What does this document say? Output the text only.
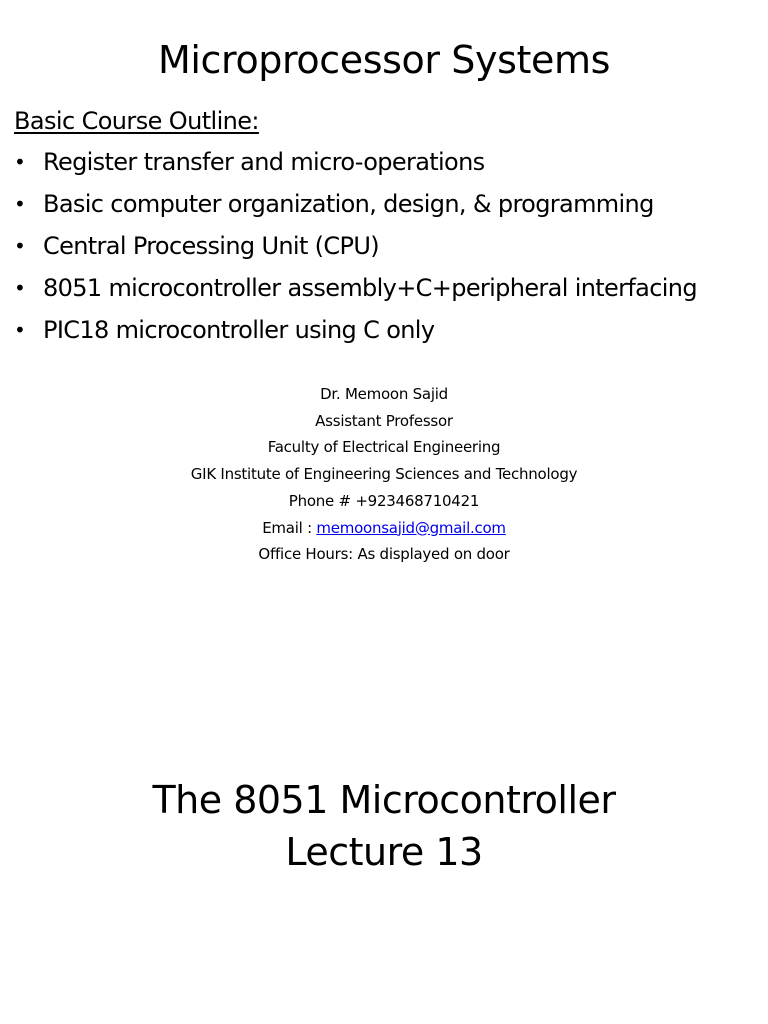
Microprocessor Systems
Basic Course Outline:
• Register transfer and micro-operations
• Basic computer organization, design, & programming
• Central Processing Unit (CPU)
• 8051 microcontroller assembly+C+peripheral interfacing
• PIC18 microcontroller using C only
Dr. Memoon Sajid
Assistant Professor
Faculty of Electrical Engineering
GIK Institute of Engineering Sciences and Technology
Phone # +923468710421
Email : memoonsajid@gmail.com
Office Hours: As displayed on door
The 8051 Microcontroller
Lecture 13
